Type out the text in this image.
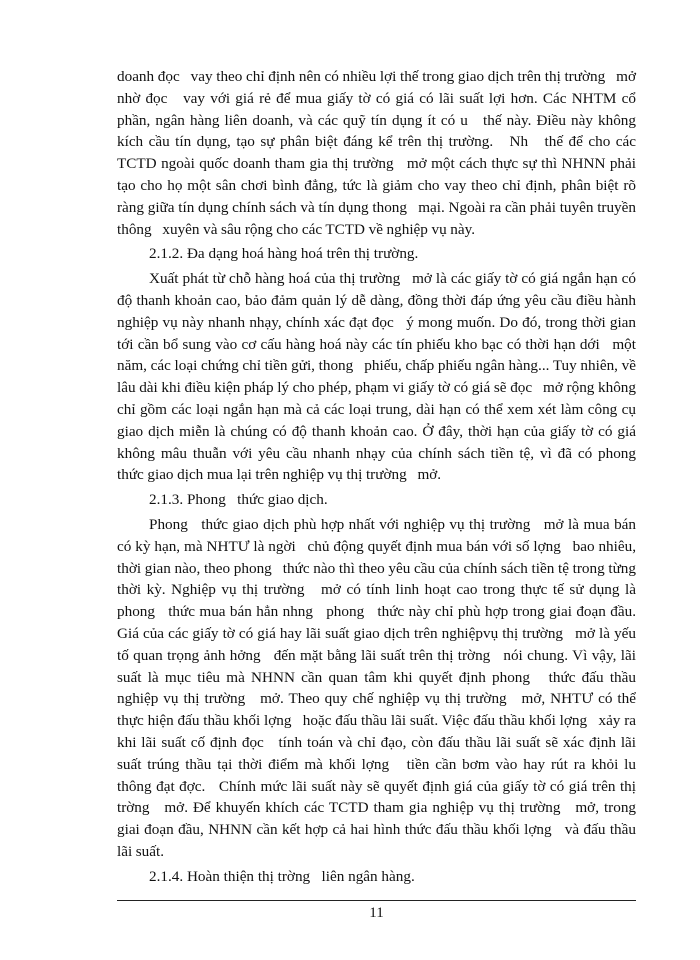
doanh đọc   vay theo chỉ định nên có nhiều lợi thế trong giao dịch trên thị trường   mở nhờ đọc   vay với giá rẻ để mua giấy tờ có giá có lãi suất lợi hơn. Các NHTM cổ phần, ngân hàng liên doanh, và các quỹ tín dụng ít có u   thế này. Điều này không kích cầu tín dụng, tạo sự phân biệt đáng kể trên thị trường.   Nh   thế để cho các TCTD ngoài quốc doanh tham gia thị trường   mở một cách thực sự thì NHNN phải tạo cho họ một sân chơi bình đẳng, tức là giảm cho vay theo chỉ định, phân biệt rõ ràng giữa tín dụng chính sách và tín dụng thong   mại. Ngoài ra cần phải tuyên truyền thông   xuyên và sâu rộng cho các TCTD về nghiệp vụ này.

2.1.2. Đa dạng hoá hàng hoá trên thị trường.

Xuất phát từ chỗ hàng hoá của thị trường   mở là các giấy tờ có giá ngắn hạn có độ thanh khoản cao, bảo đảm quản lý dễ dàng, đồng thời đáp ứng yêu cầu điều hành nghiệp vụ này nhanh nhạy, chính xác đạt đọc   ý mong muốn. Do đó, trong thời gian tới cần bổ sung vào cơ cấu hàng hoá này các tín phiếu kho bạc có thời hạn dới   một năm, các loại chứng chỉ tiền gửi, thong   phiếu, chấp phiếu ngân hàng... Tuy nhiên, về lâu dài khi điều kiện pháp lý cho phép, phạm vi giấy tờ có giá sẽ đọc   mở rộng không chỉ gồm các loại ngắn hạn mà cả các loại trung, dài hạn có thể xem xét làm công cụ giao dịch miễn là chúng có độ thanh khoản cao. Ở đây, thời hạn của giấy tờ có giá không mâu thuẫn với yêu cầu nhanh nhạy của chính sách tiền tệ, vì đã có phong   thức giao dịch mua lại trên nghiệp vụ thị trường   mở.

2.1.3. Phong   thức giao dịch.

Phong   thức giao dịch phù hợp nhất với nghiệp vụ thị trường   mở là mua bán có kỳ hạn, mà NHTƯ là ngời   chủ động quyết định mua bán với số lợng   bao nhiêu, thời gian nào, theo phong   thức nào thì theo yêu cầu của chính sách tiền tệ trong từng thời kỳ. Nghiệp vụ thị trường   mở có tính linh hoạt cao trong thực tế sử dụng là phong   thức mua bán hẳn nhng   phong   thức này chỉ phù hợp trong giai đoạn đầu. Giá của các giấy tờ có giá hay lãi suất giao dịch trên nghiệpvụ thị trường   mở là yếu tố quan trọng ảnh hởng   đến mặt bằng lãi suất trên thị trờng   nói chung. Vì vậy, lãi suất là mục tiêu mà NHNN cần quan tâm khi quyết định phong   thức đấu thầu nghiệp vụ thị trường   mở. Theo quy chế nghiệp vụ thị trường   mở, NHTƯ có thể thực hiện đấu thầu khối lợng   hoặc đấu thầu lãi suất. Việc đấu thầu khối lợng   xảy ra khi lãi suất cố định đọc   tính toán và chỉ đạo, còn đấu thầu lãi suất sẽ xác định lãi suất trúng thầu tại thời điểm mà khối lợng   tiền cần bơm vào hay rút ra khỏi lu   thông đạt đợc.   Chính mức lãi suất này sẽ quyết định giá của giấy tờ có giá trên thị trờng   mở. Để khuyến khích các TCTD tham gia nghiệp vụ thị trường   mở, trong giai đoạn đầu, NHNN cần kết hợp cả hai hình thức đấu thầu khối lợng   và đấu thầu lãi suất.

2.1.4. Hoàn thiện thị trờng   liên ngân hàng.

11
